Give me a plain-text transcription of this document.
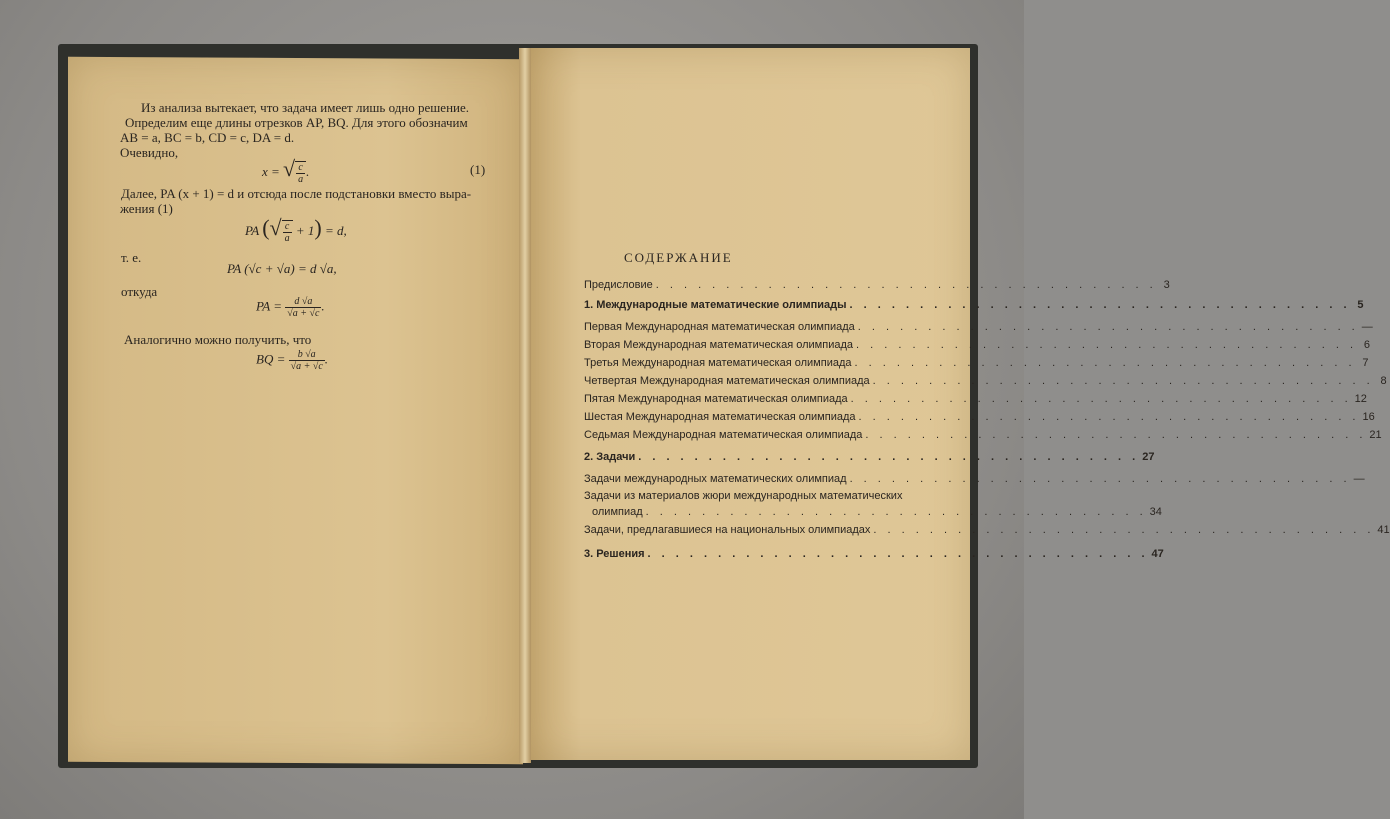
Из анализа вытекает, что задача имеет лишь одно решение.
Определим еще длины отрезков AP, BQ. Для этого обозначим
AB = a, BC = b, CD = c, DA = d.
Очевидно,
x = √ $\frac{c}{a}$ .	(1)
Далее, PA (x + 1) = d и отсюда после подстановки вместо выра-
жения (1)
PA (√ $\frac{c}{a} + 1) = d$,
т. е.
PA (√c + √a) = d √a,
откуда
PA = $\frac{d √a}{√a + √c}$ .
Аналогично можно получить, что
BQ = $\frac{b √a}{√a + √c}$ .
СОДЕРЖАНИЕ
Предисловие . . . . . . . . . . . . . . . . . . . . . . . . . . . . . . . . . . . . 3
1. Международные математические олимпиады . . . . . . . . . . . . . . . . . . . . . . . . . . . . . . . . . . . . 5
Первая Международная математическая олимпиада . . . . . . . . . . . . . . . . . . . . . . . . . . . . . . . . . . . . —
Вторая Международная математическая олимпиада . . . . . . . . . . . . . . . . . . . . . . . . . . . . . . . . . . . . 6
Третья Международная математическая олимпиада . . . . . . . . . . . . . . . . . . . . . . . . . . . . . . . . . . . . 7
Четвертая Международная математическая олимпиада . . . . . . . . . . . . . . . . . . . . . . . . . . . . . . . . . . . . 8
Пятая Международная математическая олимпиада . . . . . . . . . . . . . . . . . . . . . . . . . . . . . . . . . . . . 12
Шестая Международная математическая олимпиада . . . . . . . . . . . . . . . . . . . . . . . . . . . . . . . . . . . . 16
Седьмая Международная математическая олимпиада . . . . . . . . . . . . . . . . . . . . . . . . . . . . . . . . . . . . 21
2. Задачи . . . . . . . . . . . . . . . . . . . . . . . . . . . . . . . . . . . . 27
Задачи международных математических олимпиад . . . . . . . . . . . . . . . . . . . . . . . . . . . . . . . . . . . . —
Задачи из материалов жюри международных математических
олимпиад . . . . . . . . . . . . . . . . . . . . . . . . . . . . . . . . . . . . 34
Задачи, предлагавшиеся на национальных олимпиадах . . . . . . . . . . . . . . . . . . . . . . . . . . . . . . . . . . . . 41
3. Решения . . . . . . . . . . . . . . . . . . . . . . . . . . . . . . . . . . . . 47
